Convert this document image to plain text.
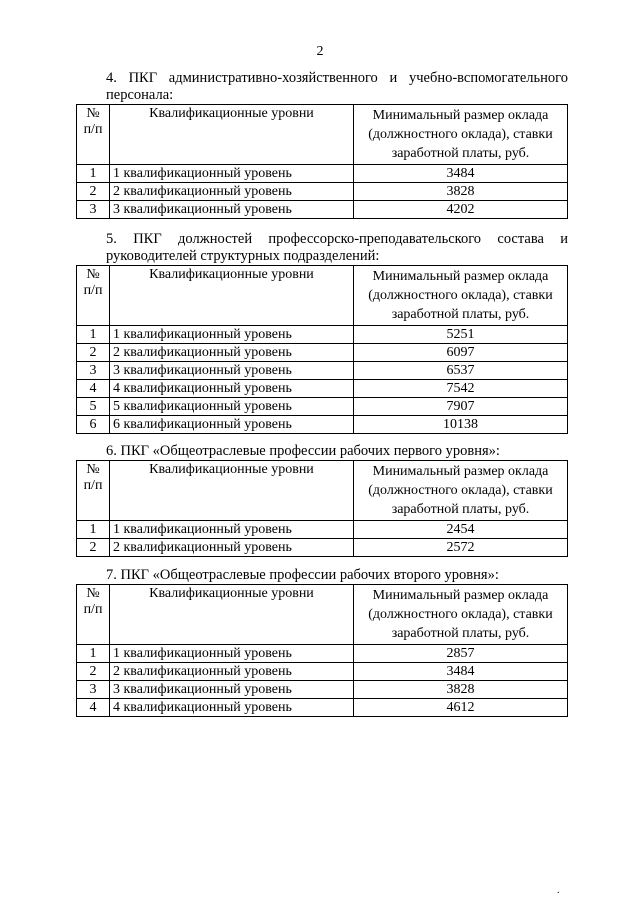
2
4. ПКГ административно-хозяйственного и учебно-вспомогательного персонала:
№ п/п	Квалификационные уровни	Минимальный размер оклада (должностного оклада), ставки заработной платы, руб.
1	1 квалификационный уровень	3484
2	2 квалификационный уровень	3828
3	3 квалификационный уровень	4202
5. ПКГ должностей профессорско-преподавательского состава и руководителей структурных подразделений:
№ п/п	Квалификационные уровни	Минимальный размер оклада (должностного оклада), ставки заработной платы, руб.
1	1 квалификационный уровень	5251
2	2 квалификационный уровень	6097
3	3 квалификационный уровень	6537
4	4 квалификационный уровень	7542
5	5 квалификационный уровень	7907
6	6 квалификационный уровень	10138
6. ПКГ «Общеотраслевые профессии рабочих первого уровня»:
№ п/п	Квалификационные уровни	Минимальный размер оклада (должностного оклада), ставки заработной платы, руб.
1	1 квалификационный уровень	2454
2	2 квалификационный уровень	2572
7. ПКГ «Общеотраслевые профессии рабочих второго уровня»:
№ п/п	Квалификационные уровни	Минимальный размер оклада (должностного оклада), ставки заработной платы, руб.
1	1 квалификационный уровень	2857
2	2 квалификационный уровень	3484
3	3 квалификационный уровень	3828
4	4 квалификационный уровень	4612
.
